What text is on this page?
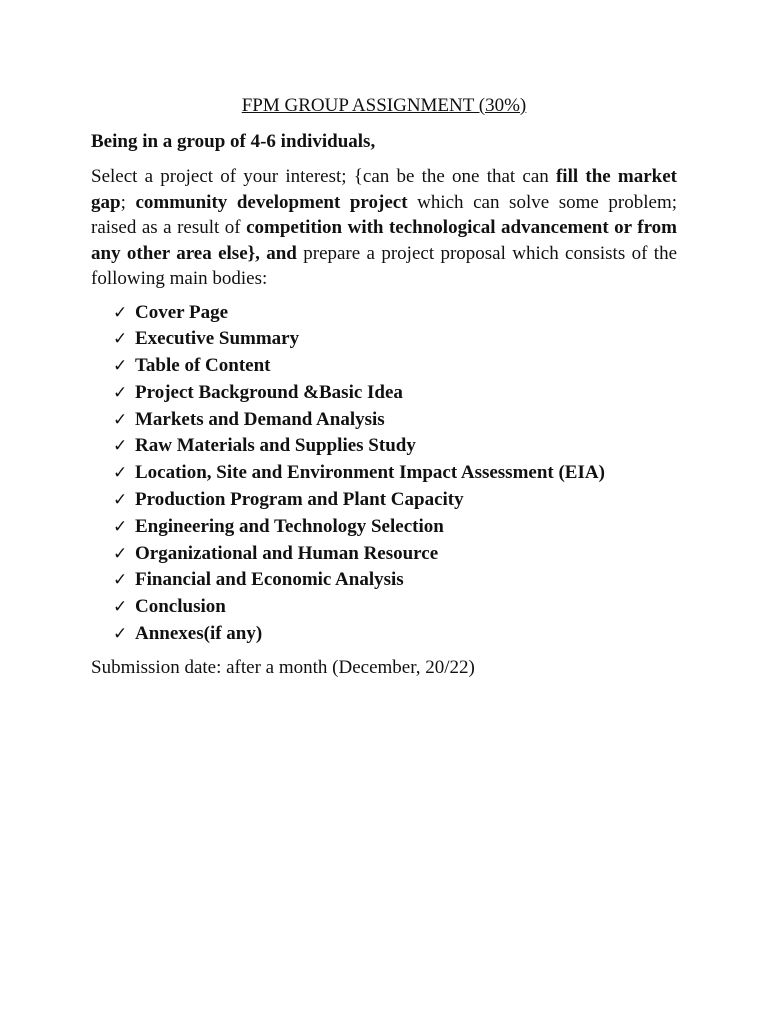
FPM GROUP ASSIGNMENT (30%)
Being in a group of 4-6 individuals,

Select a project of your interest; {can be the one that can fill the market gap; community development project which can solve some problem; raised as a result of competition with technological advancement or from any other area else}, and prepare a project proposal which consists of the following main bodies:

✓ Cover Page
✓ Executive Summary
✓ Table of Content
✓ Project Background &Basic Idea
✓ Markets and Demand Analysis
✓ Raw Materials and Supplies Study
✓ Location, Site and Environment Impact Assessment (EIA)
✓ Production Program and Plant Capacity
✓ Engineering and Technology Selection
✓ Organizational and Human Resource
✓ Financial and Economic Analysis
✓ Conclusion
✓ Annexes(if any)

Submission date: after a month (December, 20/22)
